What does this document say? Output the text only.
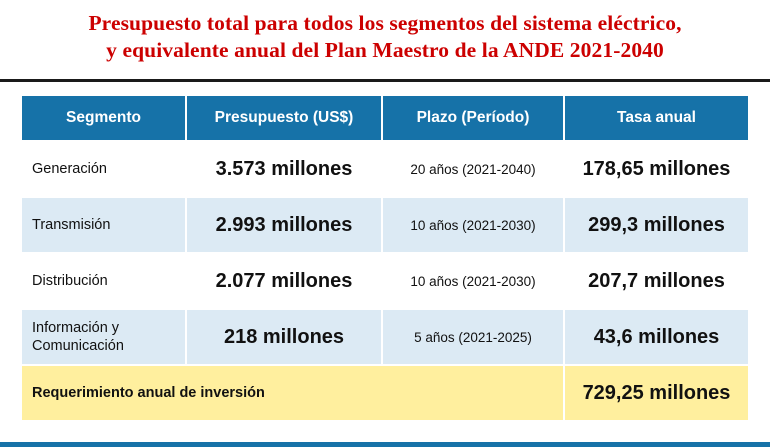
Presupuesto total para todos los segmentos del sistema eléctrico,
y equivalente anual del Plan Maestro de la ANDE 2021-2040
Segmento	Presupuesto (US$)	Plazo (Período)	Tasa anual
Generación	3.573 millones	20 años (2021-2040)	178,65 millones
Transmisión	2.993 millones	10 años (2021-2030)	299,3 millones
Distribución	2.077 millones	10 años (2021-2030)	207,7 millones
Información y Comunicación	218 millones	5 años (2021-2025)	43,6 millones
Requerimiento anual de inversión			729,25 millones
